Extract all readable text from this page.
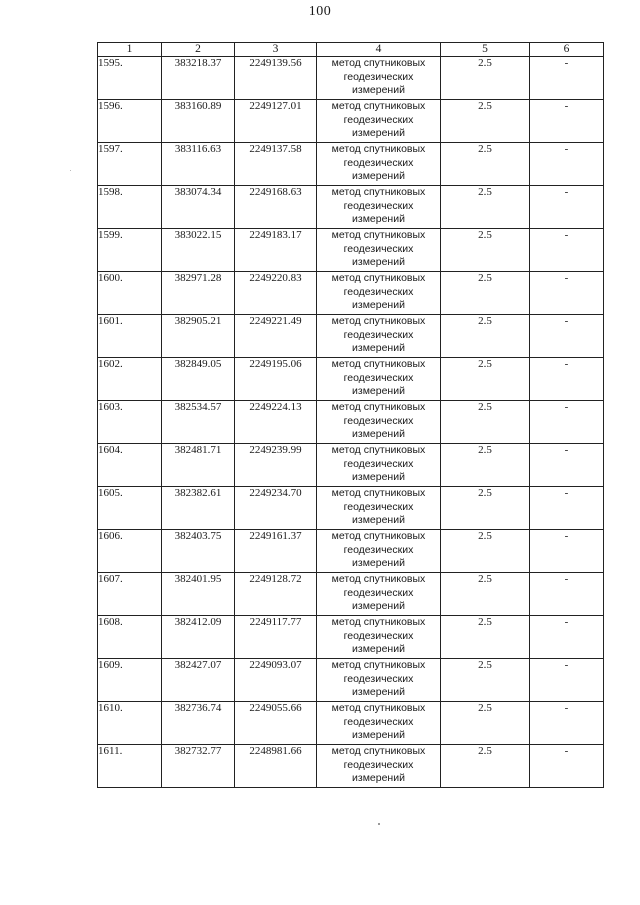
100
1	2	3	4	5	6
1595.	383218.37	2249139.56	метод спутниковых геодезических измерений	2.5	-
1596.	383160.89	2249127.01	метод спутниковых геодезических измерений	2.5	-
1597.	383116.63	2249137.58	метод спутниковых геодезических измерений	2.5	-
1598.	383074.34	2249168.63	метод спутниковых геодезических измерений	2.5	-
1599.	383022.15	2249183.17	метод спутниковых геодезических измерений	2.5	-
1600.	382971.28	2249220.83	метод спутниковых геодезических измерений	2.5	-
1601.	382905.21	2249221.49	метод спутниковых геодезических измерений	2.5	-
1602.	382849.05	2249195.06	метод спутниковых геодезических измерений	2.5	-
1603.	382534.57	2249224.13	метод спутниковых геодезических измерений	2.5	-
1604.	382481.71	2249239.99	метод спутниковых геодезических измерений	2.5	-
1605.	382382.61	2249234.70	метод спутниковых геодезических измерений	2.5	-
1606.	382403.75	2249161.37	метод спутниковых геодезических измерений	2.5	-
1607.	382401.95	2249128.72	метод спутниковых геодезических измерений	2.5	-
1608.	382412.09	2249117.77	метод спутниковых геодезических измерений	2.5	-
1609.	382427.07	2249093.07	метод спутниковых геодезических измерений	2.5	-
1610.	382736.74	2249055.66	метод спутниковых геодезических измерений	2.5	-
1611.	382732.77	2248981.66	метод спутниковых геодезических измерений	2.5	-
